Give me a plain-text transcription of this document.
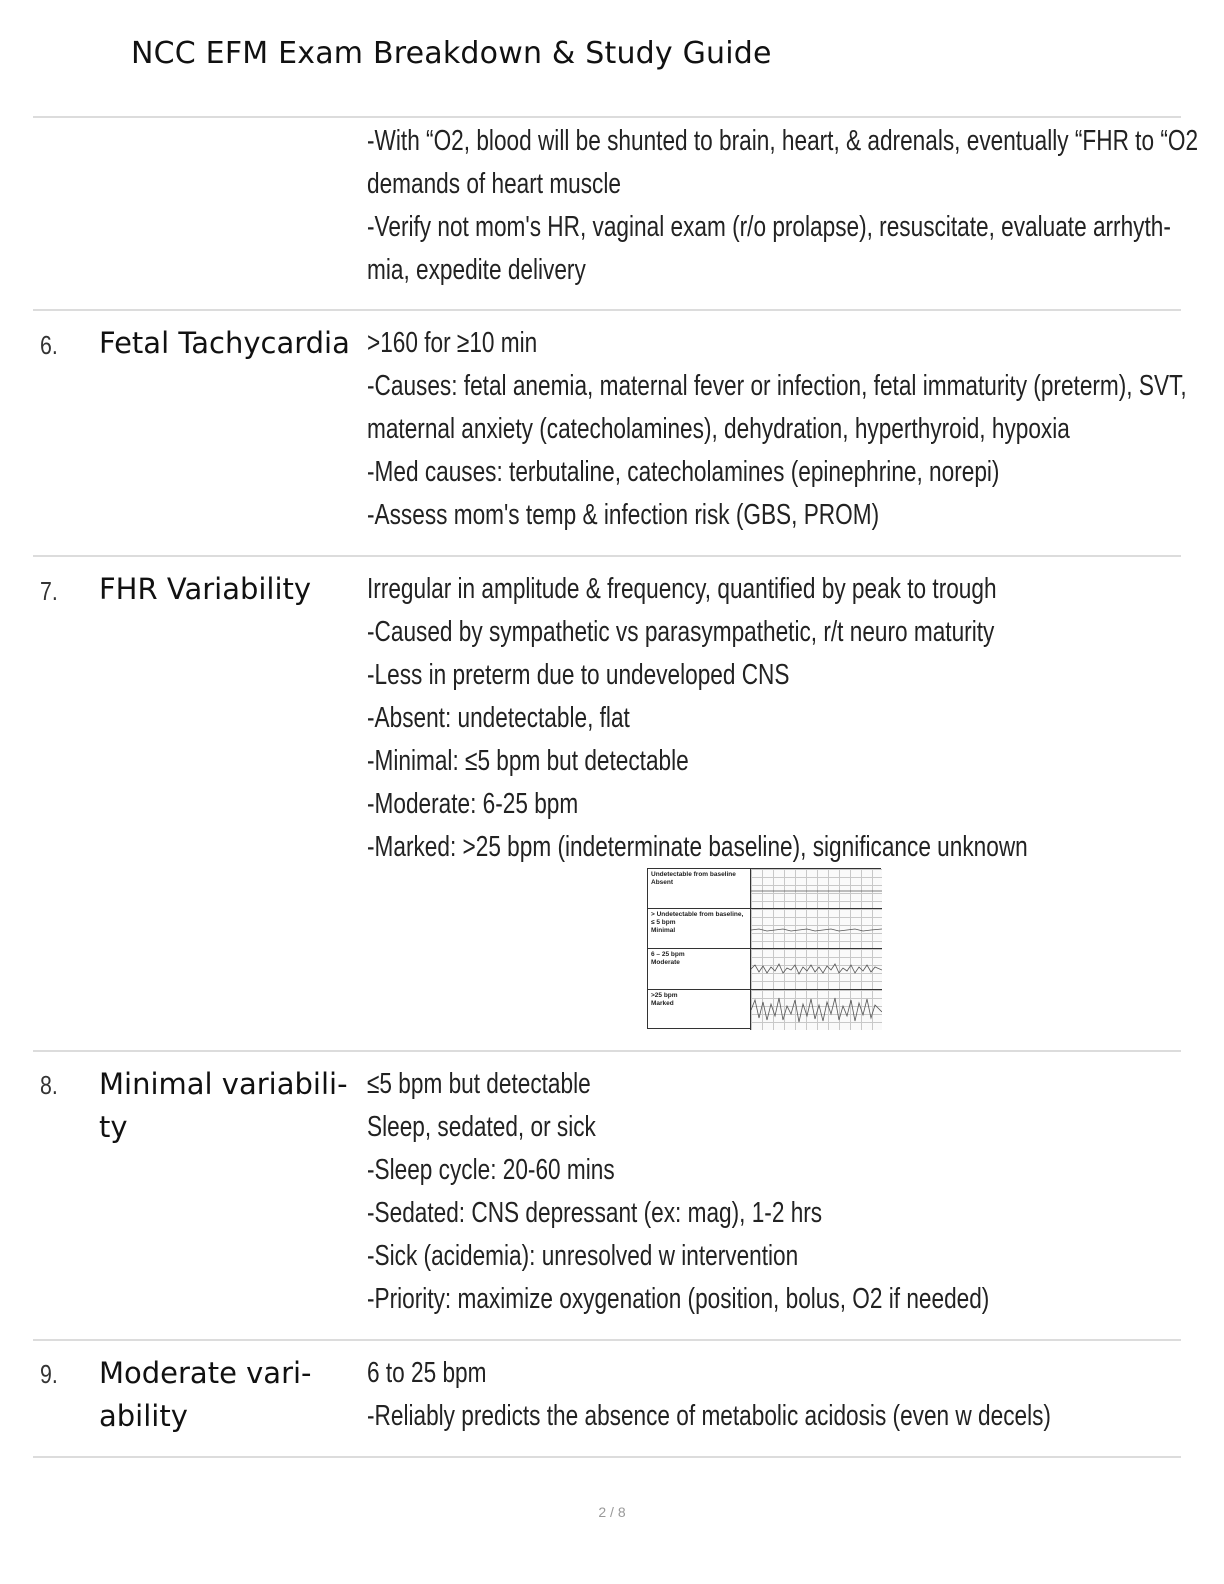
NCC EFM Exam Breakdown & Study Guide
-With “O2, blood will be shunted to brain, heart, & adrenals, eventually “FHR to “O2
demands of heart muscle
-Verify not mom's HR, vaginal exam (r/o prolapse), resuscitate, evaluate arrhyth-
mia, expedite delivery
6. Fetal Tachycardia >160 for ≥10 min
-Causes: fetal anemia, maternal fever or infection, fetal immaturity (preterm), SVT,
maternal anxiety (catecholamines), dehydration, hyperthyroid, hypoxia
-Med causes: terbutaline, catecholamines (epinephrine, norepi)
-Assess mom's temp & infection risk (GBS, PROM)
7. FHR Variability	Irregular in amplitude & frequency, quantified by peak to trough
-Caused by sympathetic vs parasympathetic, r/t neuro maturity
-Less in preterm due to undeveloped CNS
-Absent: undetectable, flat
-Minimal: ≤5 bpm but detectable
-Moderate: 6-25 bpm
-Marked: >25 bpm (indeterminate baseline), significance unknown
Undetectable from baseline
Absent
> Undetectable from baseline, ≤ 5 bpm
Minimal
6 – 25 bpm
Moderate
>25 bpm
Marked
8. Minimal variabili-ty
≤5 bpm but detectable
Sleep, sedated, or sick
-Sleep cycle: 20-60 mins
-Sedated: CNS depressant (ex: mag), 1-2 hrs
-Sick (acidemia): unresolved w intervention
-Priority: maximize oxygenation (position, bolus, O2 if needed)
9. Moderate vari-ability
6 to 25 bpm
-Reliably predicts the absence of metabolic acidosis (even w decels)
2 / 8
